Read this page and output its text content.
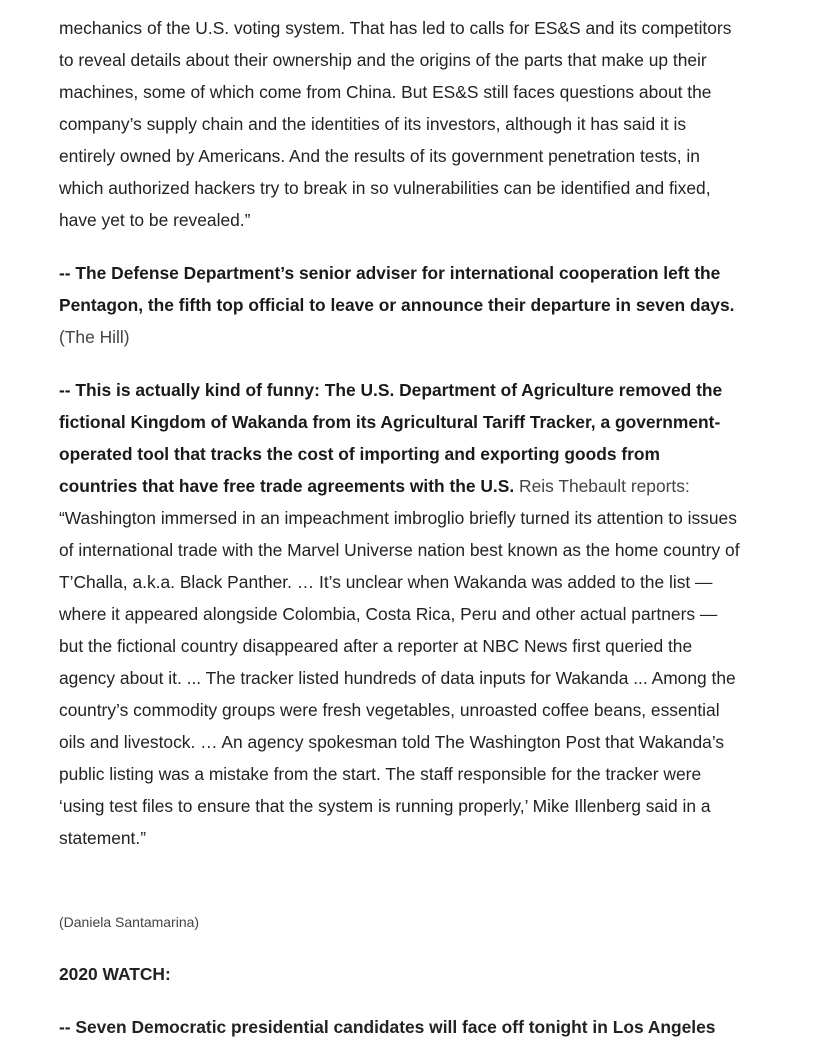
mechanics of the U.S. voting system. That has led to calls for ES&S and its competitors
to reveal details about their ownership and the origins of the parts that make up their
machines, some of which come from China. But ES&S still faces questions about the
company’s supply chain and the identities of its investors, although it has said it is
entirely owned by Americans. And the results of its government penetration tests, in
which authorized hackers try to break in so vulnerabilities can be identified and fixed,
have yet to be revealed.”
-- The Defense Department’s senior adviser for international cooperation left the
Pentagon, the fifth top official to leave or announce their departure in seven days.
(The Hill)
-- This is actually kind of funny: The U.S. Department of Agriculture removed the
fictional Kingdom of Wakanda from its Agricultural Tariff Tracker, a government-
operated tool that tracks the cost of importing and exporting goods from
countries that have free trade agreements with the U.S. Reis Thebault reports:
“Washington immersed in an impeachment imbroglio briefly turned its attention to issues
of international trade with the Marvel Universe nation best known as the home country of
T’Challa, a.k.a. Black Panther. … It’s unclear when Wakanda was added to the list —
where it appeared alongside Colombia, Costa Rica, Peru and other actual partners —
but the fictional country disappeared after a reporter at NBC News first queried the
agency about it. ... The tracker listed hundreds of data inputs for Wakanda ... Among the
country’s commodity groups were fresh vegetables, unroasted coffee beans, essential
oils and livestock. … An agency spokesman told The Washington Post that Wakanda’s
public listing was a mistake from the start. The staff responsible for the tracker were
‘using test files to ensure that the system is running properly,’ Mike Illenberg said in a
statement.”

(Daniela Santamarina)

2020 WATCH:

-- Seven Democratic presidential candidates will face off tonight in Los Angeles
